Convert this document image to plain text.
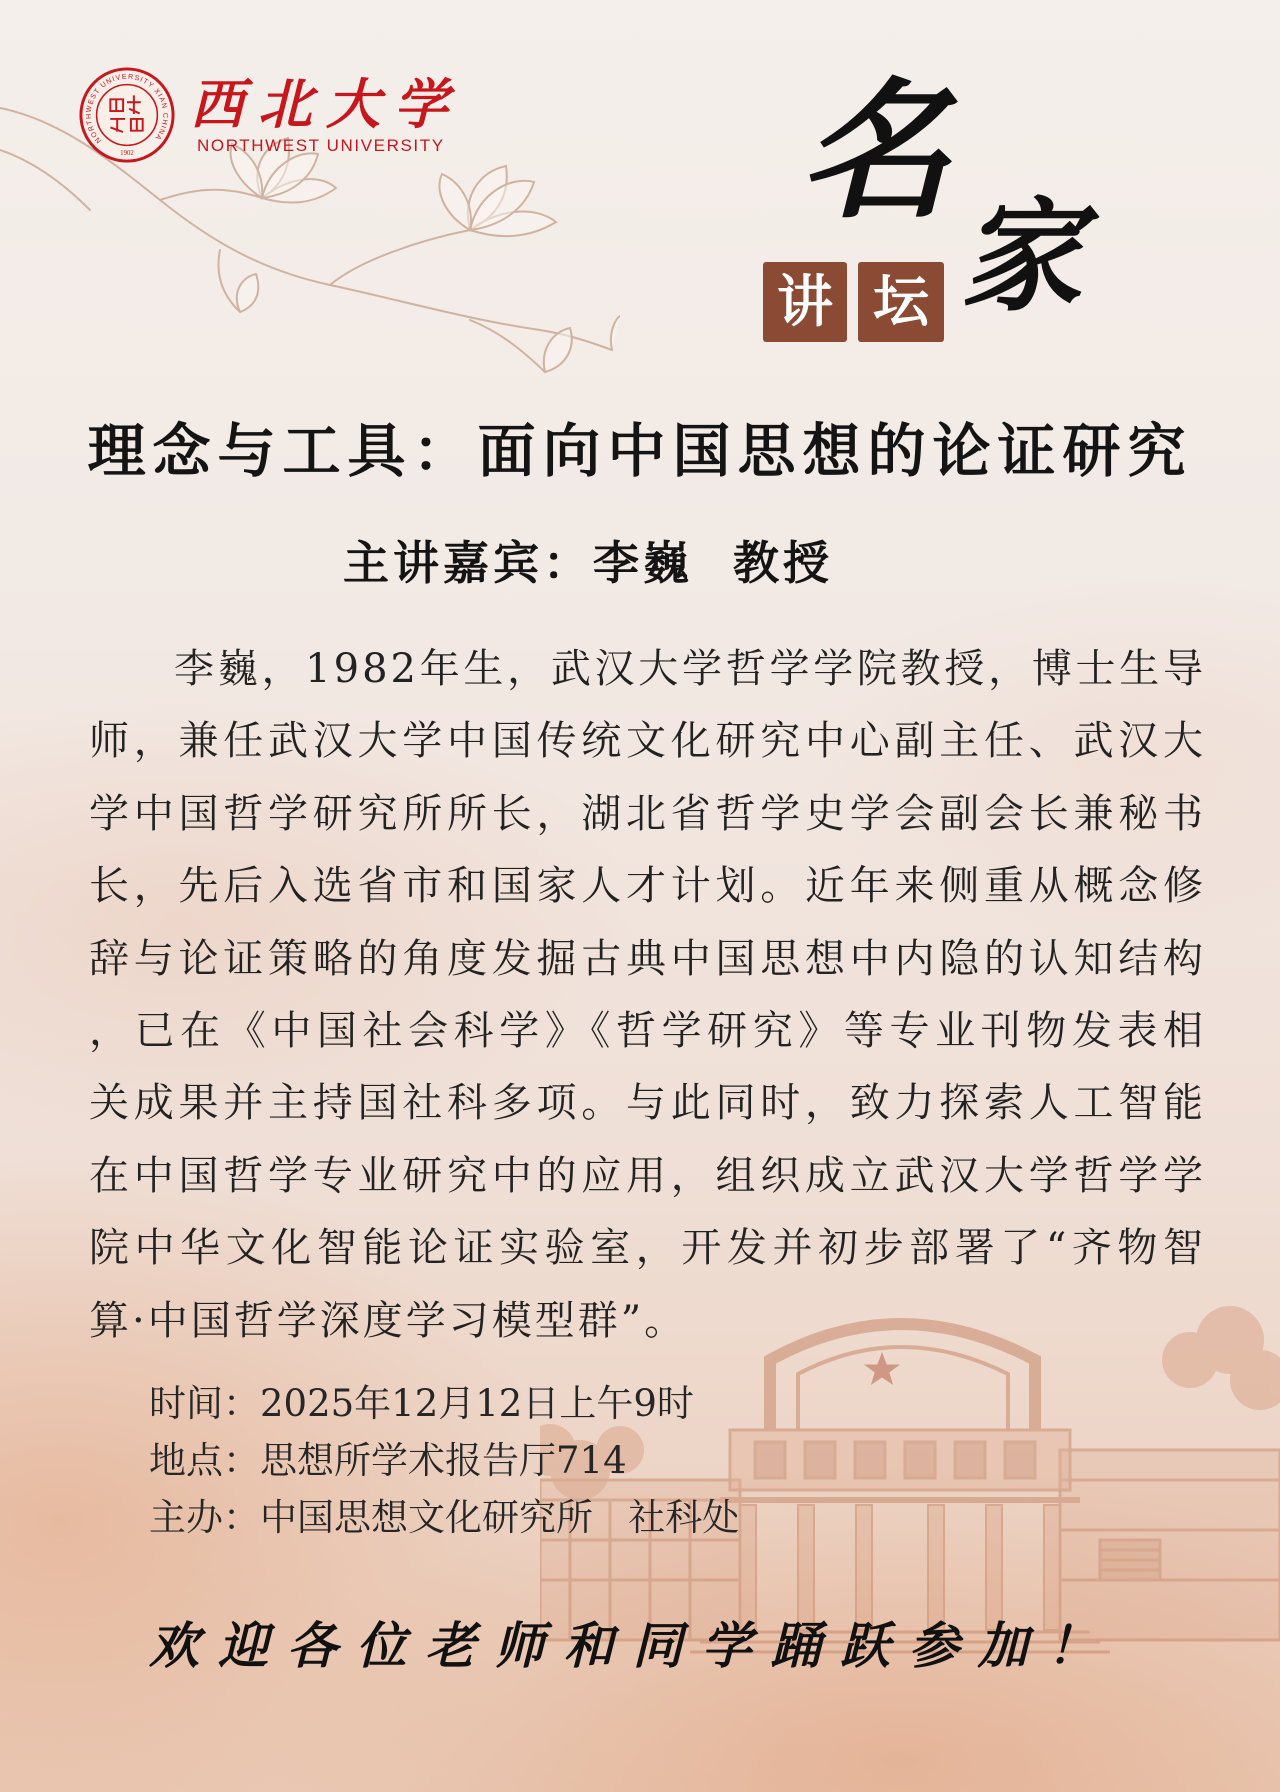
NORTHWEST UNIVERSITY XIAN CHINA
1902
西北大学
NORTHWEST UNIVERSITY 名
家
讲 坛
理念与工具：面向中国思想的论证研究
主讲嘉宾：李巍  教授
李巍，1982年生，武汉大学哲学学院教授，博士生导
师，兼任武汉大学中国传统文化研究中心副主任、武汉大
学中国哲学研究所所长，湖北省哲学史学会副会长兼秘书
长，先后入选省市和国家人才计划。近年来侧重从概念修
辞与论证策略的角度发掘古典中国思想中内隐的认知结构
，已在《中国社会科学》《哲学研究》等专业刊物发表相
关成果并主持国社科多项。与此同时，致力探索人工智能
在中国哲学专业研究中的应用，组织成立武汉大学哲学学
院中华文化智能论证实验室，开发并初步部署了“齐物智
算·中国哲学深度学习模型群”。
时间：2025年12月12日上午9时
地点：思想所学术报告厅714
主办：中国思想文化研究所   社科处
欢迎各位老师和同学踊跃参加！
